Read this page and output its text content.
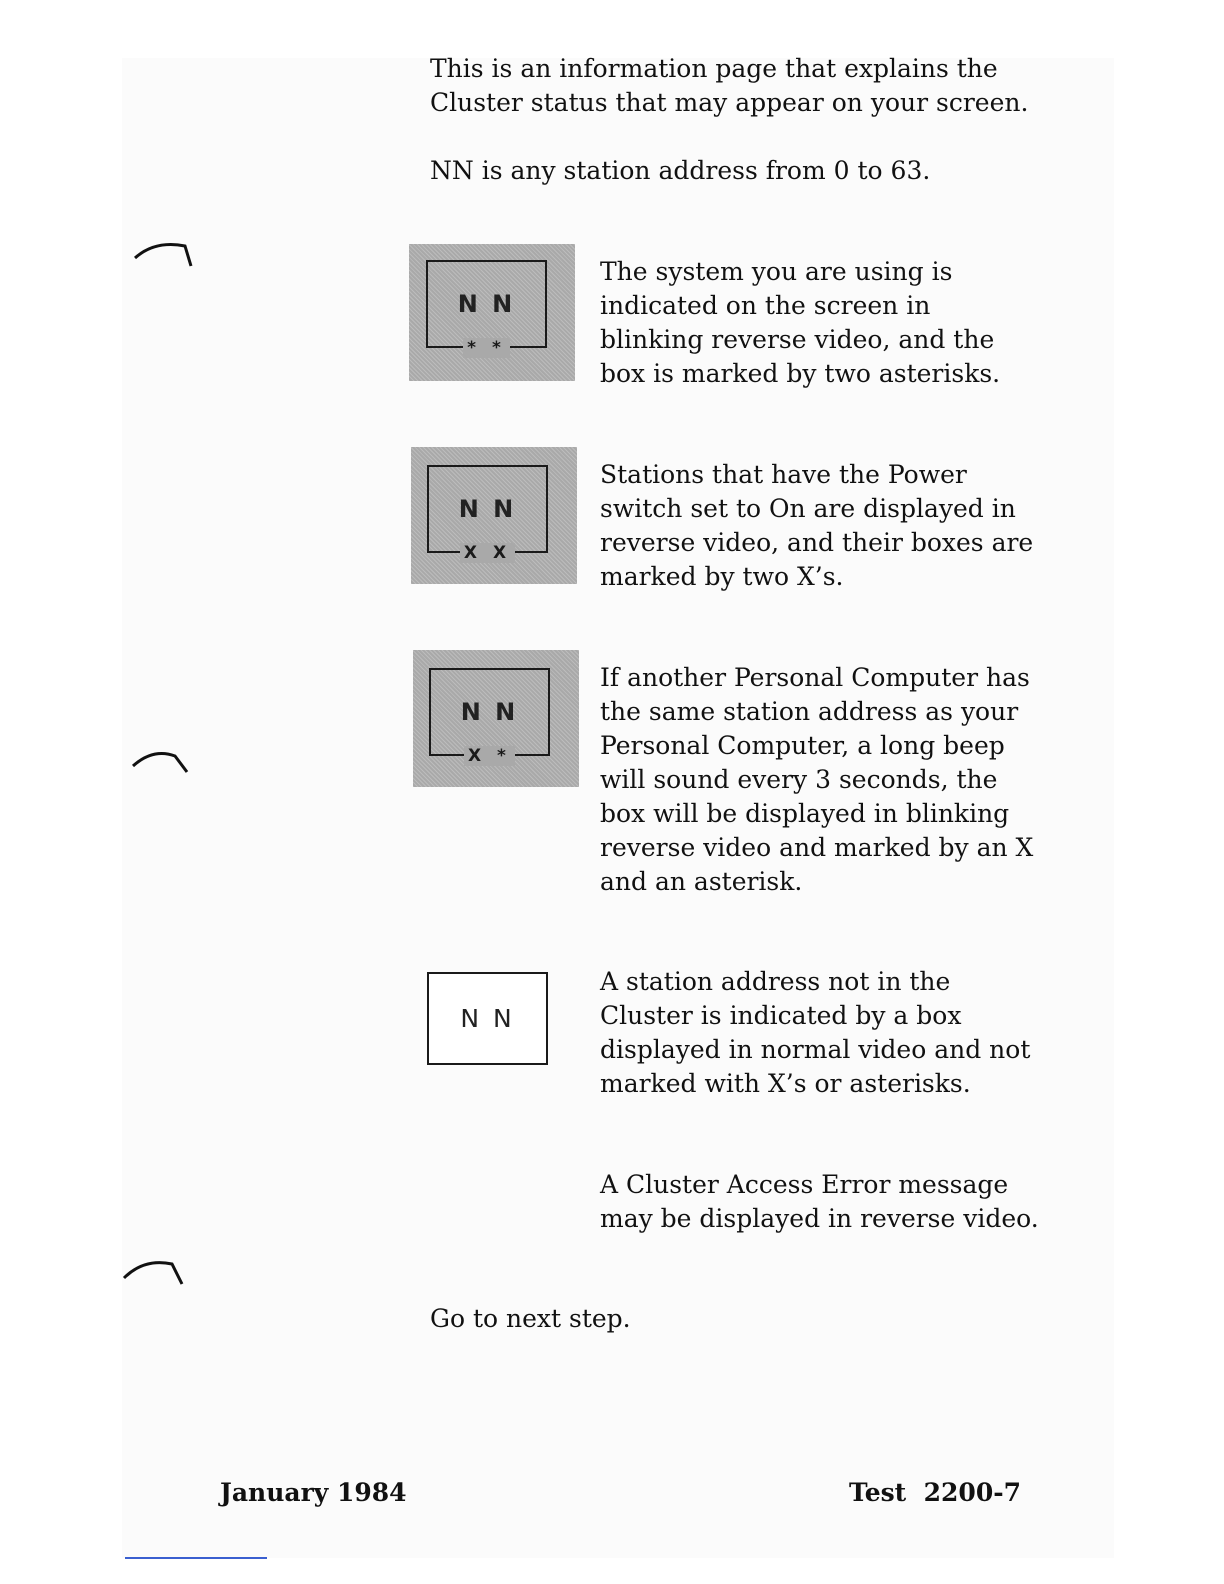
This is an information page that explains the Cluster status that may appear on your screen.
NN is any station address from 0 to 63.
N N
* *
The system you are using is indicated on the screen in blinking reverse video, and the box is marked by two asterisks.
N N
X X
Stations that have the Power switch set to On are displayed in reverse video, and their boxes are marked by two X’s.
N N
X *
If another Personal Computer has the same station address as your Personal Computer, a long beep will sound every 3 seconds, the box will be displayed in blinking reverse video and marked by an X and an asterisk.
N N
A station address not in the Cluster is indicated by a box displayed in normal video and not marked with X’s or asterisks.
A Cluster Access Error message may be displayed in reverse video.
Go to next step.
January 1984	Test  2200-7
